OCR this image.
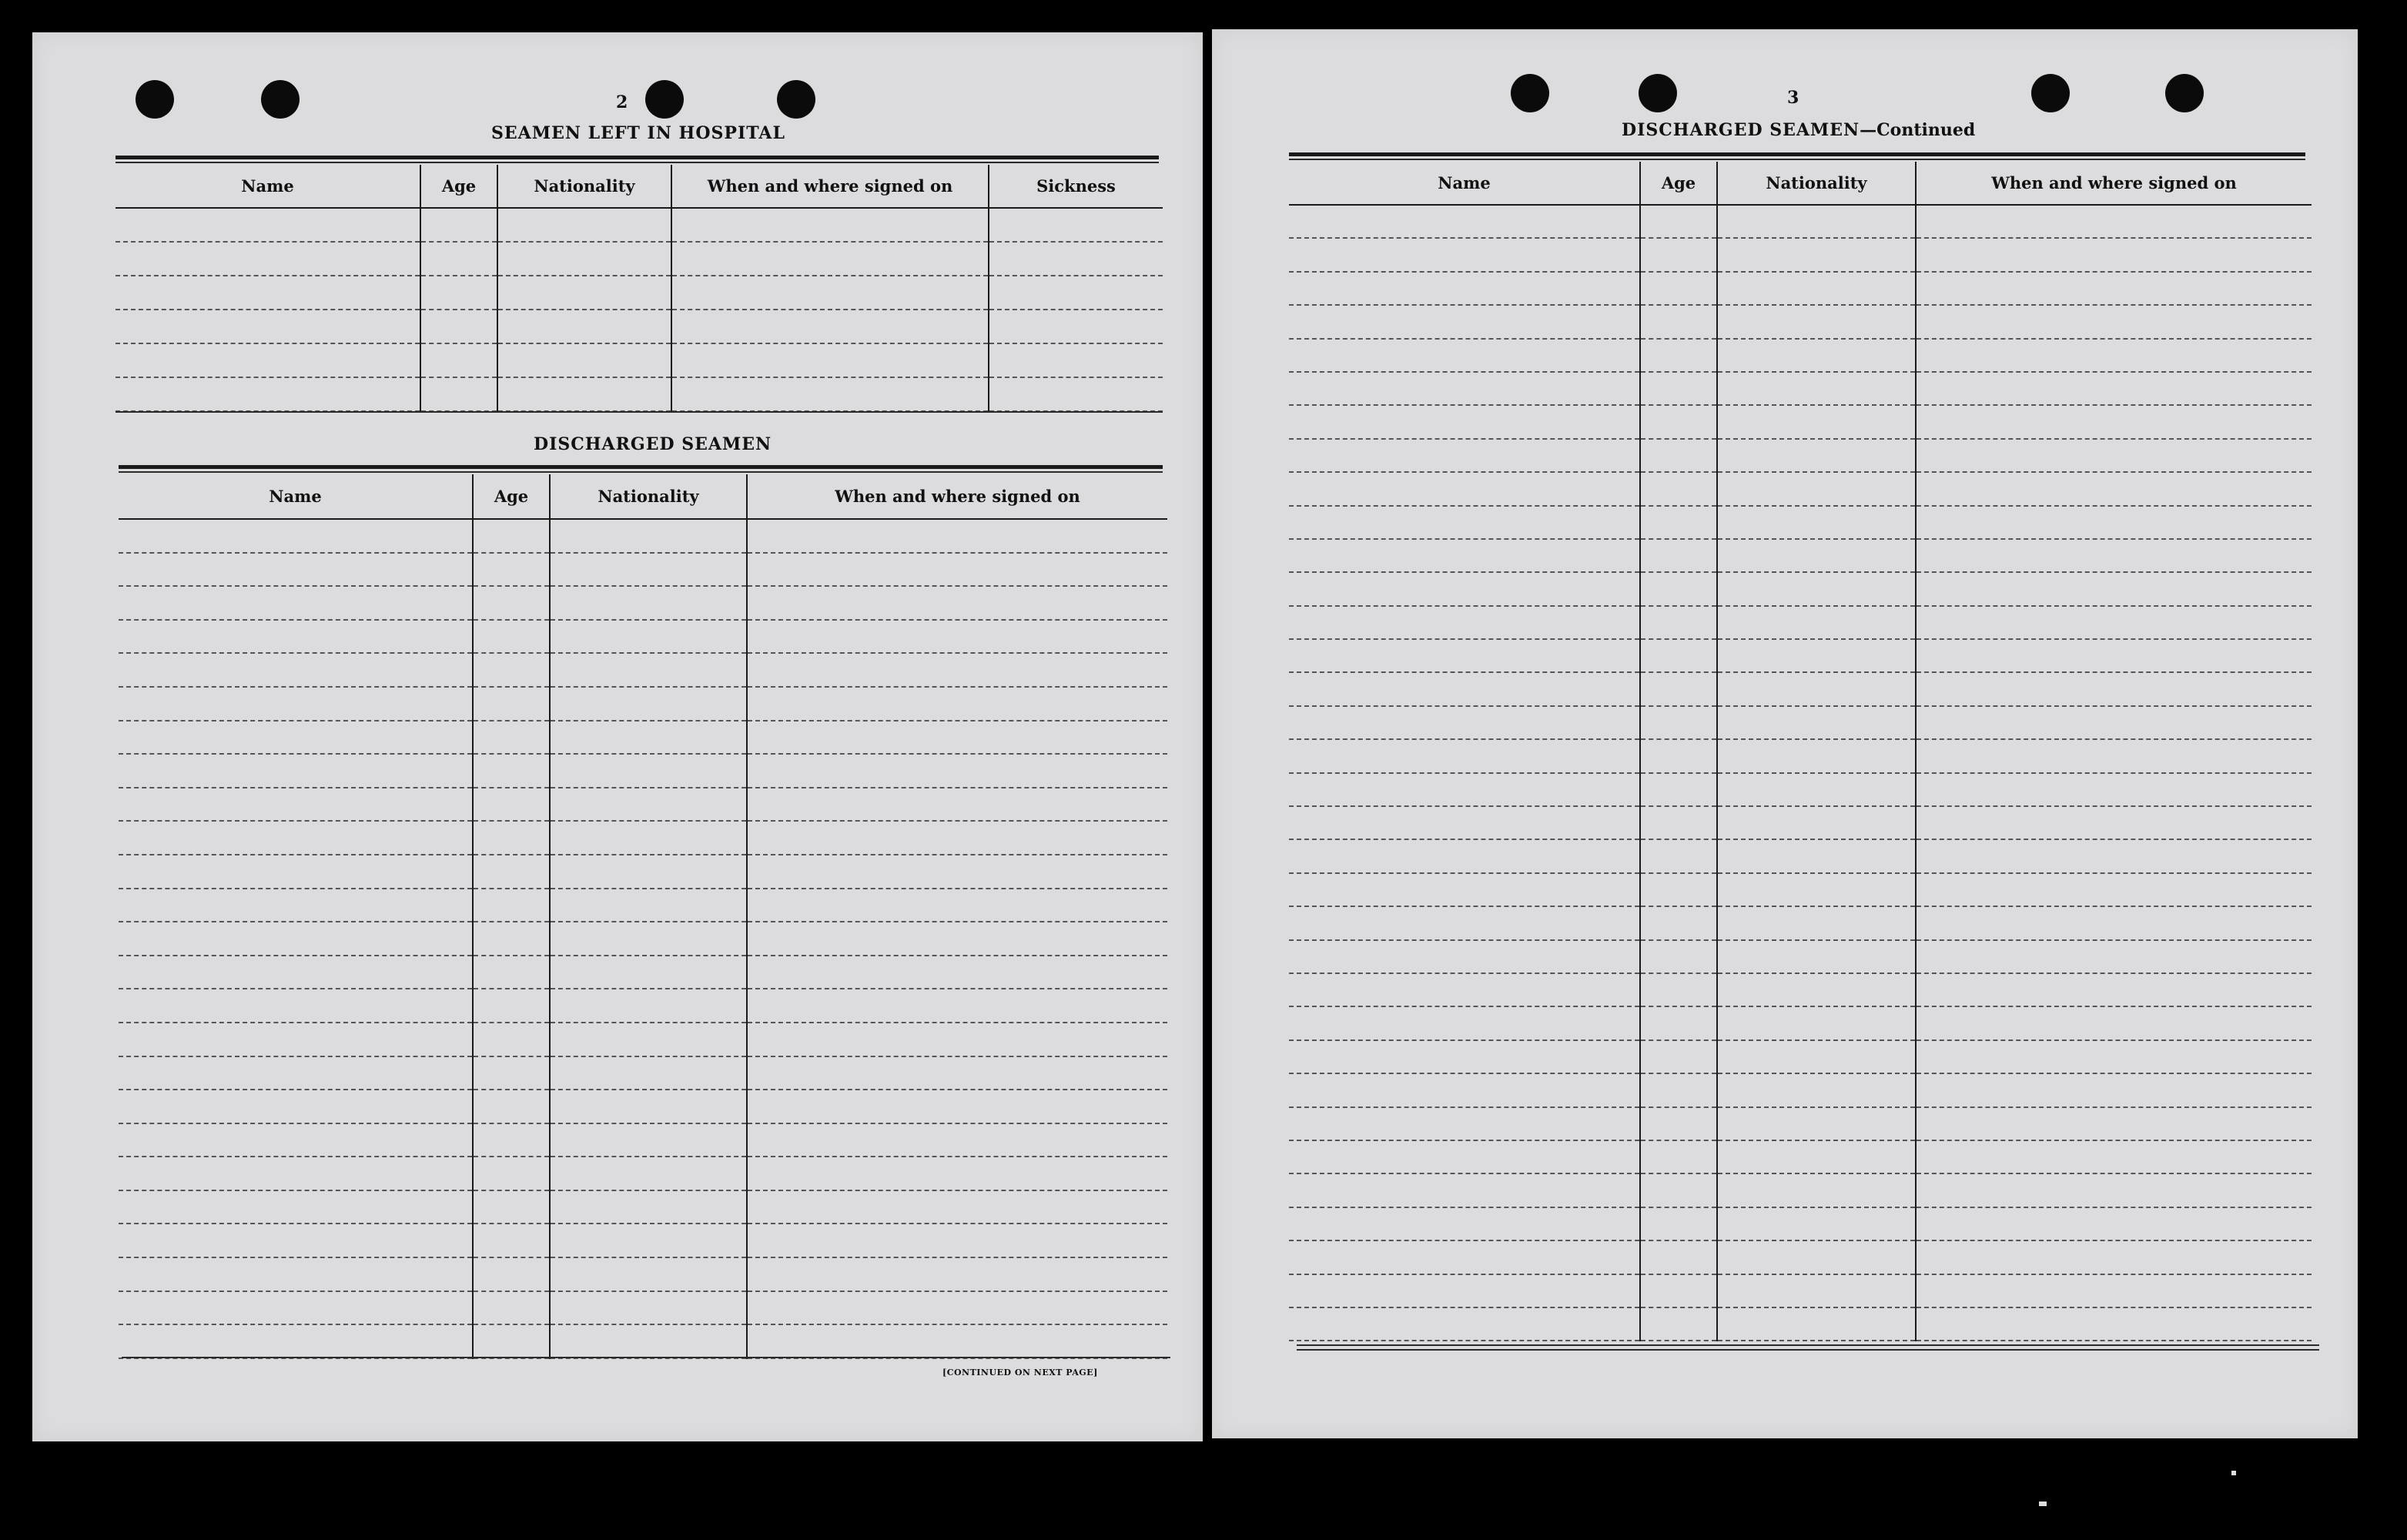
2
SEAMEN LEFT IN HOSPITAL
Name	Age	Nationality	When and where signed on	Sickness

DISCHARGED SEAMEN
Name	Age	Nationality	When and where signed on

[CONTINUED ON NEXT PAGE]
3
DISCHARGED SEAMEN—Continued
Name	Age	Nationality	When and where signed on
